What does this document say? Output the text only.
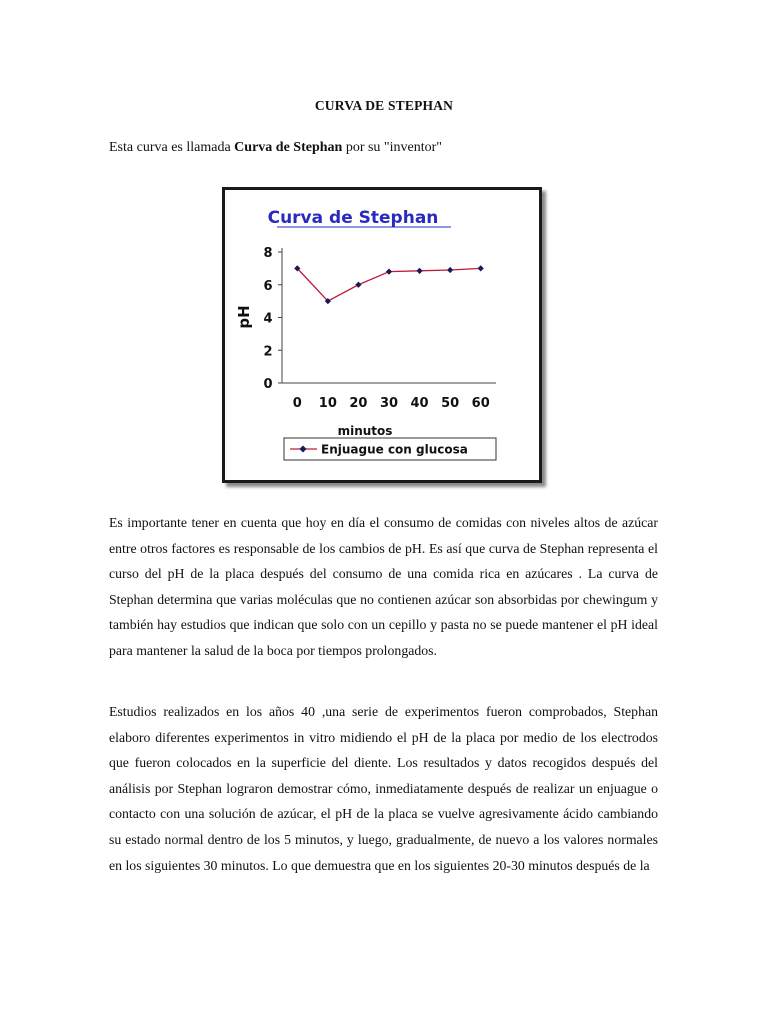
CURVA DE STEPHAN
Esta curva es llamada Curva de Stephan por su "inventor"
Curva de Stephan
pH
minutos
0
2
4
6
8
0 10 20 30 40 50 60
Enjuague con glucosa

Es importante tener en cuenta que hoy en día el consumo de comidas con niveles altos de azúcar entre otros factores es responsable de los cambios de pH. Es así que curva de Stephan representa el curso del pH de la placa después del consumo de una comida rica en azúcares . La curva de Stephan determina que varias moléculas que no contienen azúcar son absorbidas por chewingum y también hay estudios que indican que solo con un cepillo y pasta no se puede mantener el pH ideal para mantener la salud de la boca por tiempos prolongados.

Estudios realizados en los años 40 ,una serie de experimentos fueron comprobados, Stephan elaboro diferentes experimentos in vitro midiendo el pH de la placa por medio de los electrodos que fueron colocados en la superficie del diente. Los resultados y datos recogidos después del análisis por Stephan lograron demostrar cómo, inmediatamente después de realizar un enjuague o contacto con una solución de azúcar, el pH de la placa se vuelve agresivamente ácido cambiando su estado normal dentro de los 5 minutos, y luego, gradualmente, de nuevo a los valores normales en los siguientes 30 minutos. Lo que demuestra que en los siguientes 20-30 minutos después de la
